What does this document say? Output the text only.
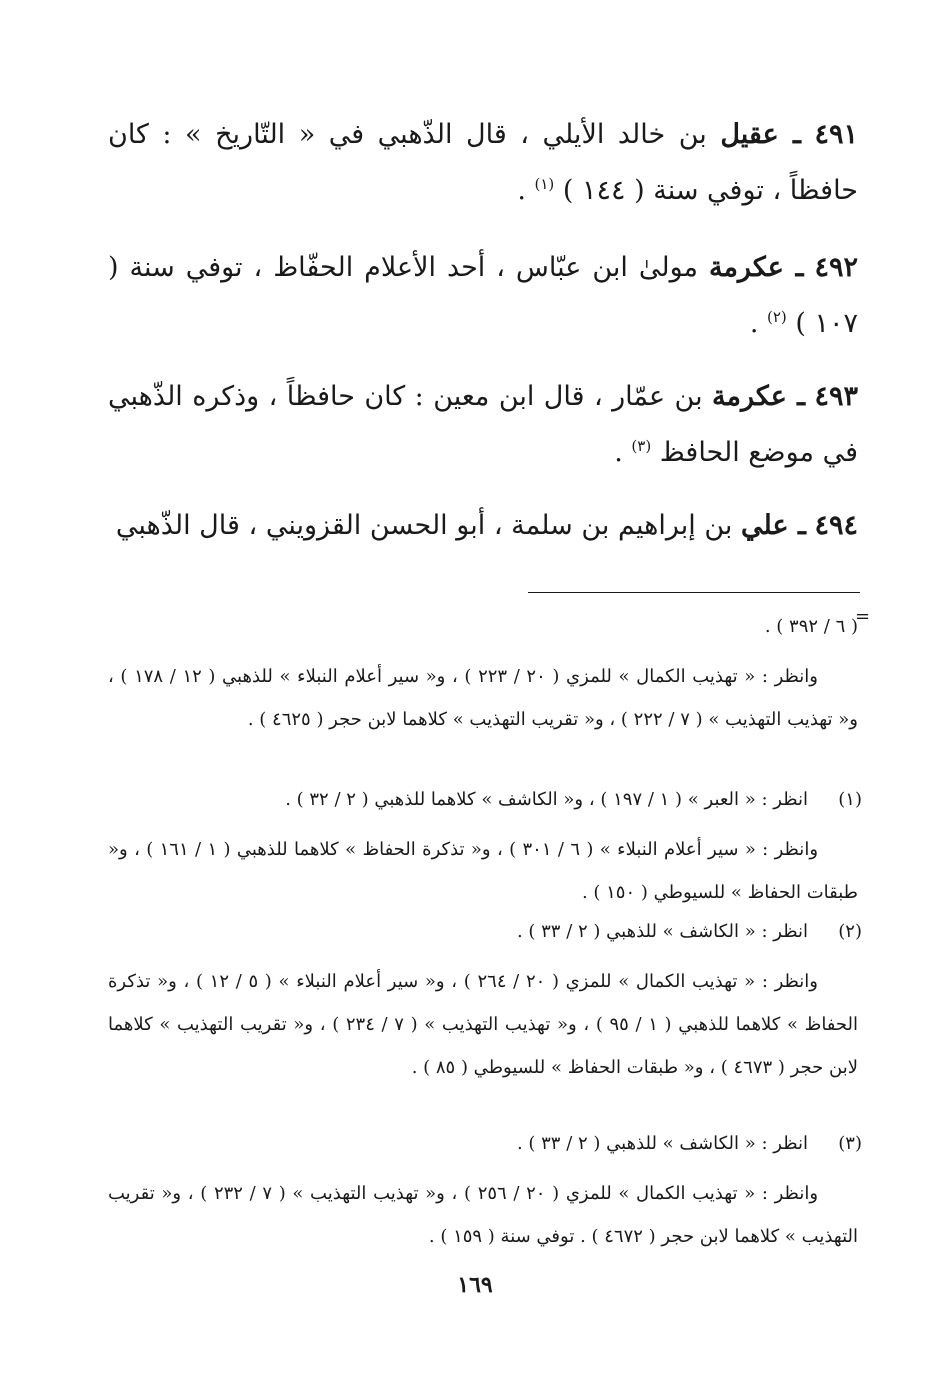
٤٩١ ـ عقيل بن خالد الأيلي ، قال الذّهبي في « التّاريخ » : كان حافظاً ، توفي سنة ( ١٤٤ ) $^{(١)}$ .
٤٩٢ ـ عكرمة مولىٰ ابن عبّاس ، أحد الأعلام الحفّاظ ، توفي سنة ( ١٠٧ ) $^{(٢)}$ .
٤٩٣ ـ عكرمة بن عمّار ، قال ابن معين : كان حافظاً ، وذكره الذّهبي في موضع الحافظ $^{(٣)}$ .
٤٩٤ ـ علي بن إبراهيم بن سلمة ، أبو الحسن القزويني ، قال الذّهبي
=
( ٦ / ٣٩٢ ) .
وانظر : « تهذيب الكمال » للمزي ( ٢٠ / ٢٢٣ ) ، و« سير أعلام النبلاء » للذهبي ( ١٢ / ١٧٨ ) ، و« تهذيب التهذيب » ( ٧ / ٢٢٢ ) ، و« تقريب التهذيب » كلاهما لابن حجر ( ٤٦٢٥ ) .
(١)
انظر : « العبر » ( ١ / ١٩٧ ) ، و« الكاشف » كلاهما للذهبي ( ٢ / ٣٢ ) .
وانظر : « سير أعلام النبلاء » ( ٦ / ٣٠١ ) ، و« تذكرة الحفاظ » كلاهما للذهبي ( ١ / ١٦١ ) ، و« طبقات الحفاظ » للسيوطي ( ١٥٠ ) .
(٢)
انظر : « الكاشف » للذهبي ( ٢ / ٣٣ ) .
وانظر : « تهذيب الكمال » للمزي ( ٢٠ / ٢٦٤ ) ، و« سير أعلام النبلاء » ( ٥ / ١٢ ) ، و« تذكرة الحفاظ » كلاهما للذهبي ( ١ / ٩٥ ) ، و« تهذيب التهذيب » ( ٧ / ٢٣٤ ) ، و« تقريب التهذيب » كلاهما لابن حجر ( ٤٦٧٣ ) ، و« طبقات الحفاظ » للسيوطي ( ٨٥ ) .
(٣)
انظر : « الكاشف » للذهبي ( ٢ / ٣٣ ) .
وانظر : « تهذيب الكمال » للمزي ( ٢٠ / ٢٥٦ ) ، و« تهذيب التهذيب » ( ٧ / ٢٣٢ ) ، و« تقريب التهذيب » كلاهما لابن حجر ( ٤٦٧٢ ) . توفي سنة ( ١٥٩ ) .
١٦٩
